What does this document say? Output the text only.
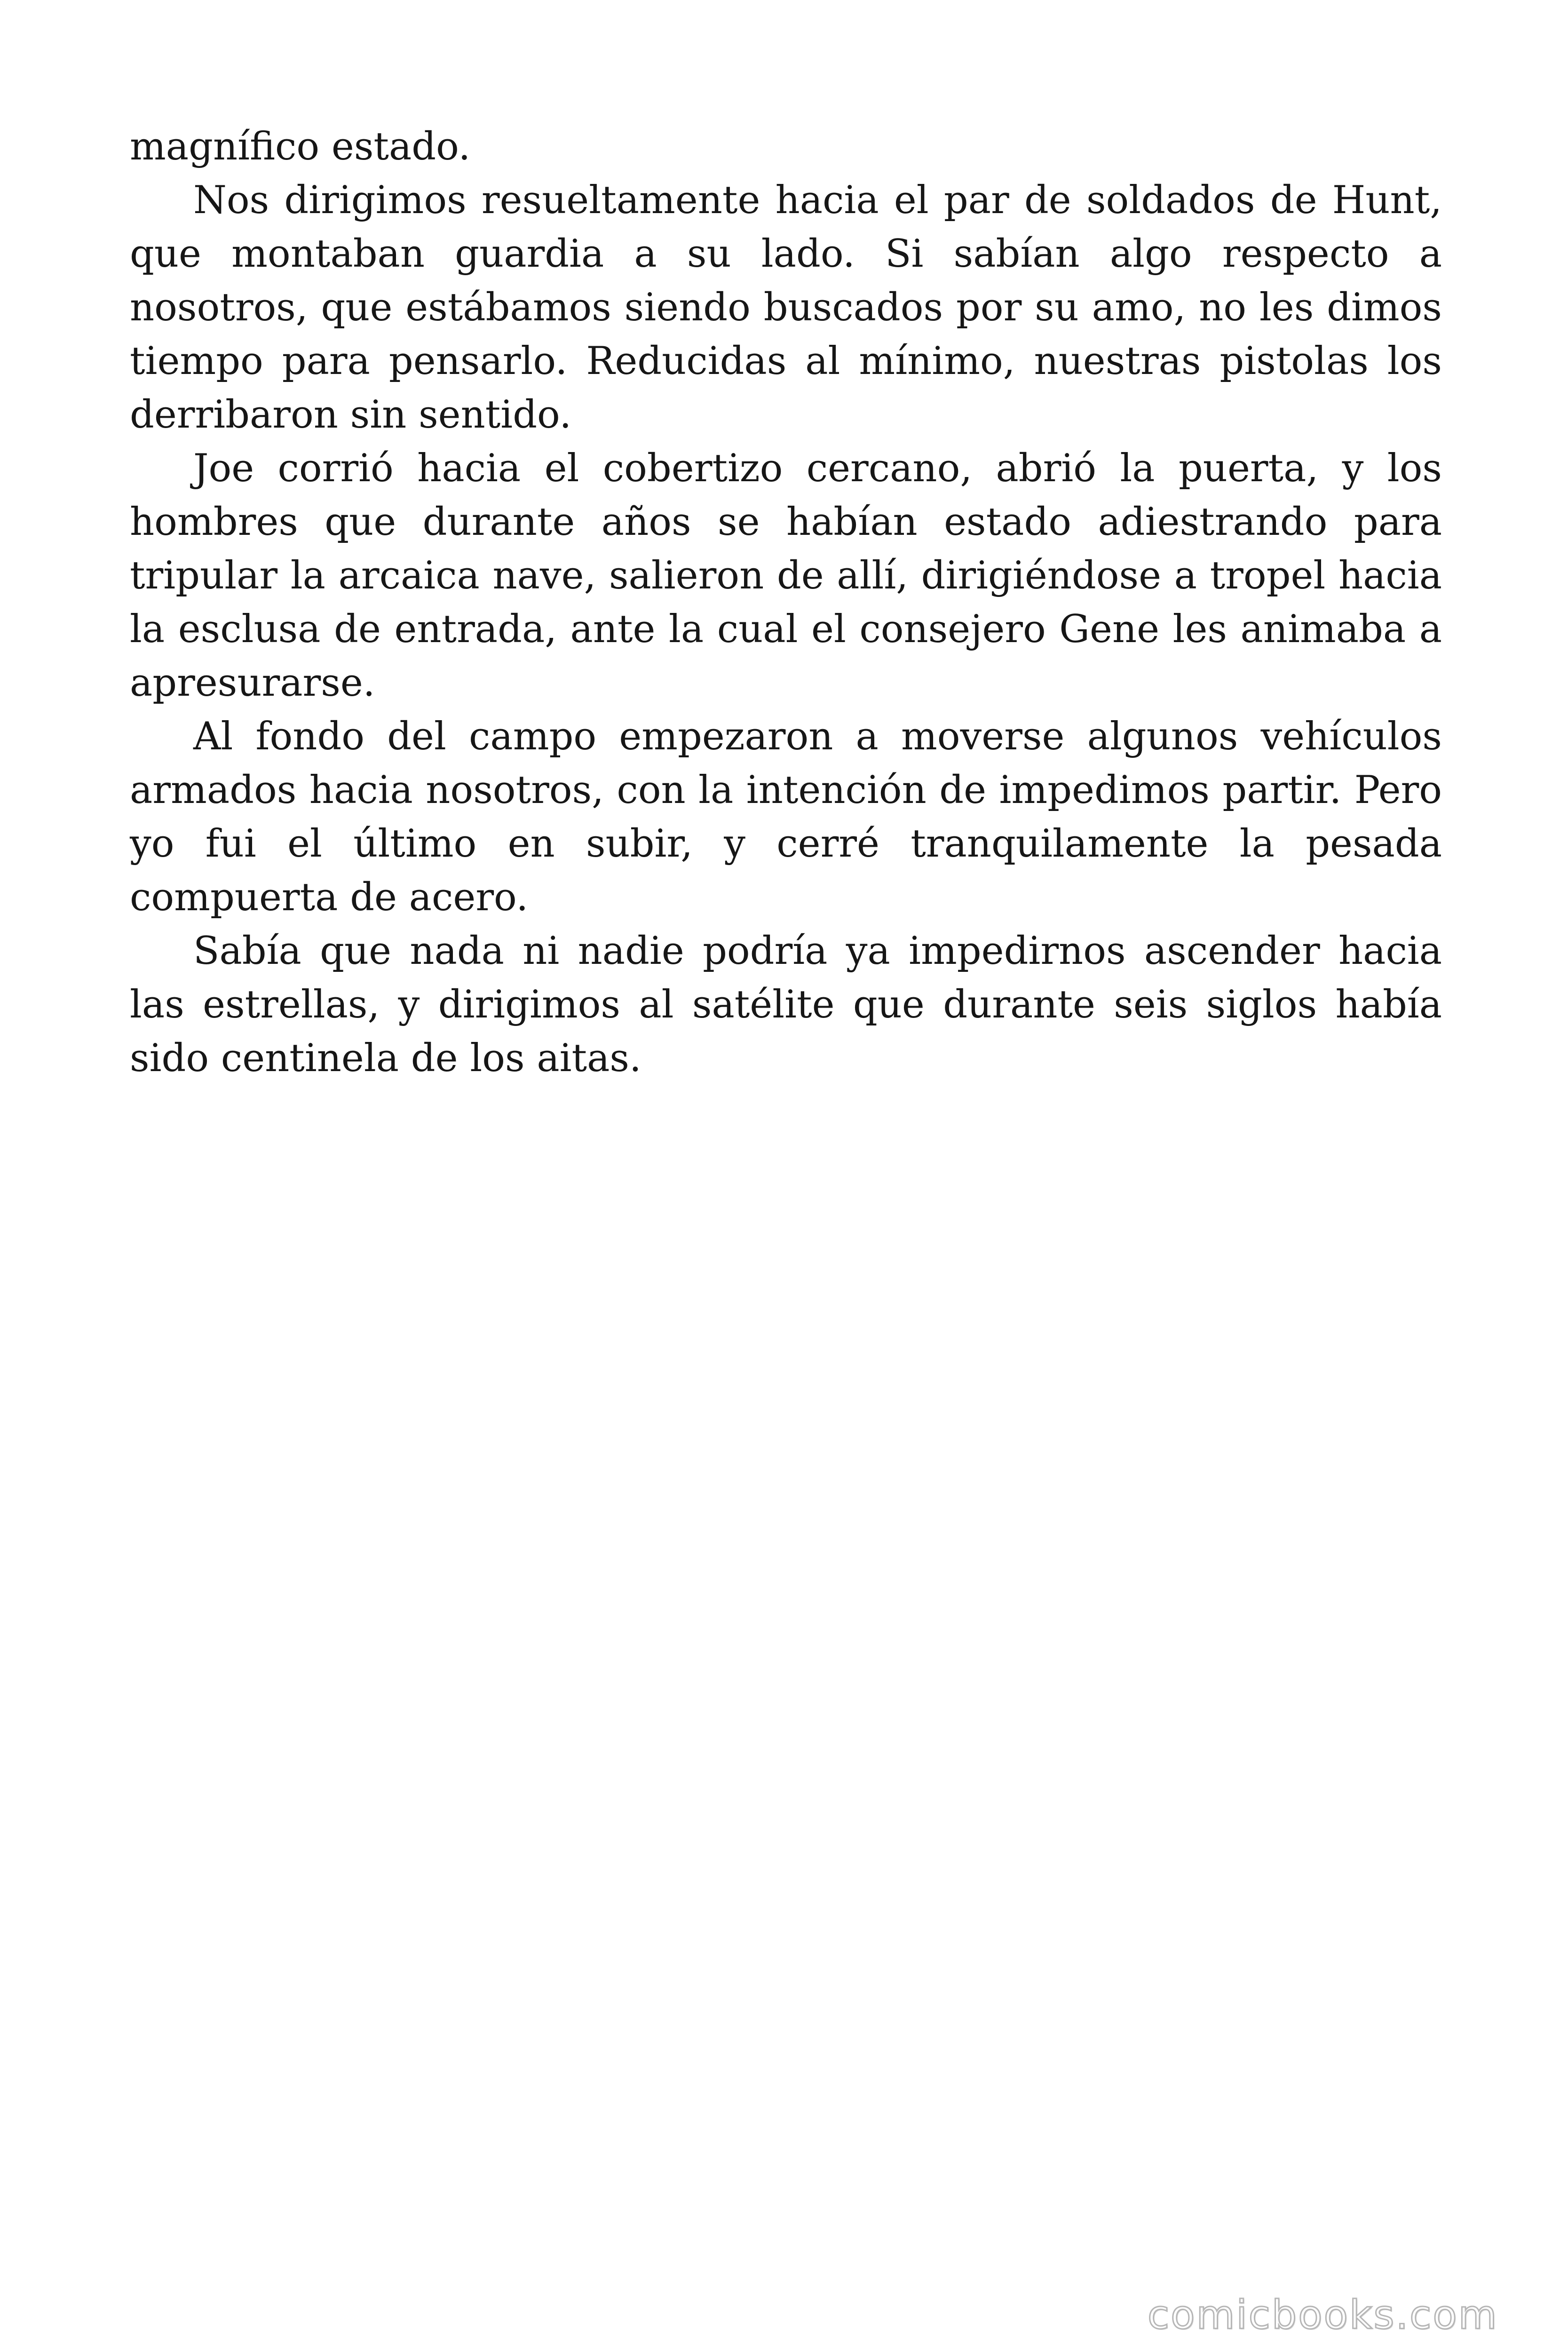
magnífico estado.

Nos dirigimos resueltamente hacia el par de soldados de Hunt, que montaban guardia a su lado. Si sabían algo respecto a nosotros, que estábamos siendo buscados por su amo, no les dimos tiempo para pensarlo. Reducidas al mínimo, nuestras pistolas los derribaron sin sentido.

Joe corrió hacia el cobertizo cercano, abrió la puerta, y los hombres que durante años se habían estado adiestrando para tripular la arcaica nave, salieron de allí, dirigiéndose a tropel hacia la esclusa de entrada, ante la cual el consejero Gene les animaba a apresurarse.

Al fondo del campo empezaron a moverse algunos vehículos armados hacia nosotros, con la intención de impedimos partir. Pero yo fui el último en subir, y cerré tranquilamente la pesada compuerta de acero.

Sabía que nada ni nadie podría ya impedirnos ascender hacia las estrellas, y dirigimos al satélite que durante seis siglos había sido centinela de los aitas.

comicbooks.com
